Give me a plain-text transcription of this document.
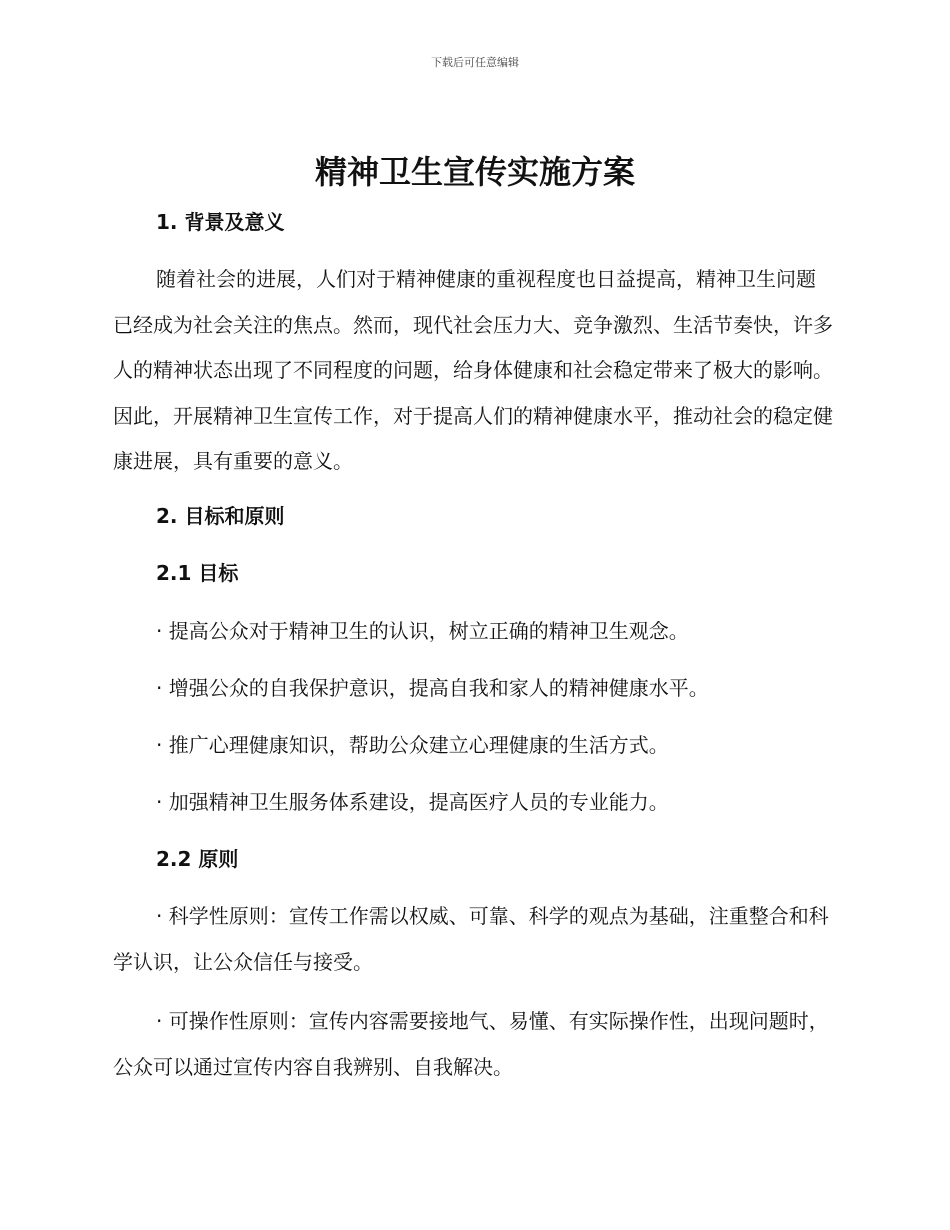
下载后可任意编辑
精神卫生宣传实施方案
1. 背景及意义

随着社会的进展，人们对于精神健康的重视程度也日益提高，精神卫生问题已经成为社会关注的焦点。然而，现代社会压力大、竞争激烈、生活节奏快，许多人的精神状态出现了不同程度的问题，给身体健康和社会稳定带来了极大的影响。因此，开展精神卫生宣传工作，对于提高人们的精神健康水平，推动社会的稳定健康进展，具有重要的意义。

2. 目标和原则
2.1 目标

· 提高公众对于精神卫生的认识，树立正确的精神卫生观念。

· 增强公众的自我保护意识，提高自我和家人的精神健康水平。

· 推广心理健康知识，帮助公众建立心理健康的生活方式。

· 加强精神卫生服务体系建设，提高医疗人员的专业能力。

2.2 原则

· 科学性原则：宣传工作需以权威、可靠、科学的观点为基础，注重整合和科学认识，让公众信任与接受。

· 可操作性原则：宣传内容需要接地气、易懂、有实际操作性，出现问题时，公众可以通过宣传内容自我辨别、自我解决。
